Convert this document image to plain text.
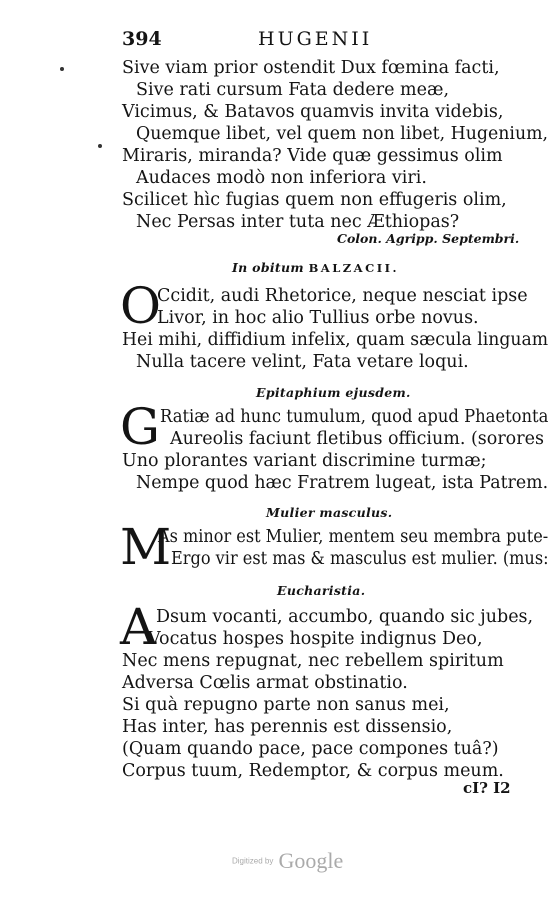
394	HUGENII
Sive viam prior ostendit Dux fœmina facti,
Sive rati cursum Fata dedere meæ,
Vicimus, & Batavos quamvis invita videbis,
Quemque libet, vel quem non libet, Hugenium,
Miraris, miranda? Vide quæ gessimus olim
Audaces modò non inferiora viri.
Scilicet hìc fugias quem non effugeris olim,
Nec Persas inter tuta nec Æthiopas?
Colon. Agripp. Septembri.
In obitum BALZACII.
O
Ccidit, audi Rhetorice, neque nesciat ipse
Livor, in hoc alio Tullius orbe novus.
Hei mihi, diffidium infelix, quam sæcula linguam
Nulla tacere velint, Fata vetare loqui.
Epitaphium ejusdem.
G Ratiæ ad hunc tumulum, quod apud Phaetonta
Aureolis faciunt fletibus officium. (sorores
Uno plorantes variant discrimine turmæ;
Nempe quod hæc Fratrem lugeat, ista Patrem.
Mulier masculus.
M
As minor est Mulier, mentem seu membra pute-
Ergo vir est mas & masculus est mulier. (mus:
Eucharistia.
A Dsum vocanti, accumbo, quando sic jubes,
Vocatus hospes hospite indignus Deo,
Nec mens repugnat, nec rebellem spiritum
Adversa Cœlis armat obstinatio.
Si quà repugno parte non sanus mei,
Has inter, has perennis est dissensio,
(Quam quando pace, pace compones tuâ?)
Corpus tuum, Redemptor, & corpus meum.
cI? I2
Digitized by Google
